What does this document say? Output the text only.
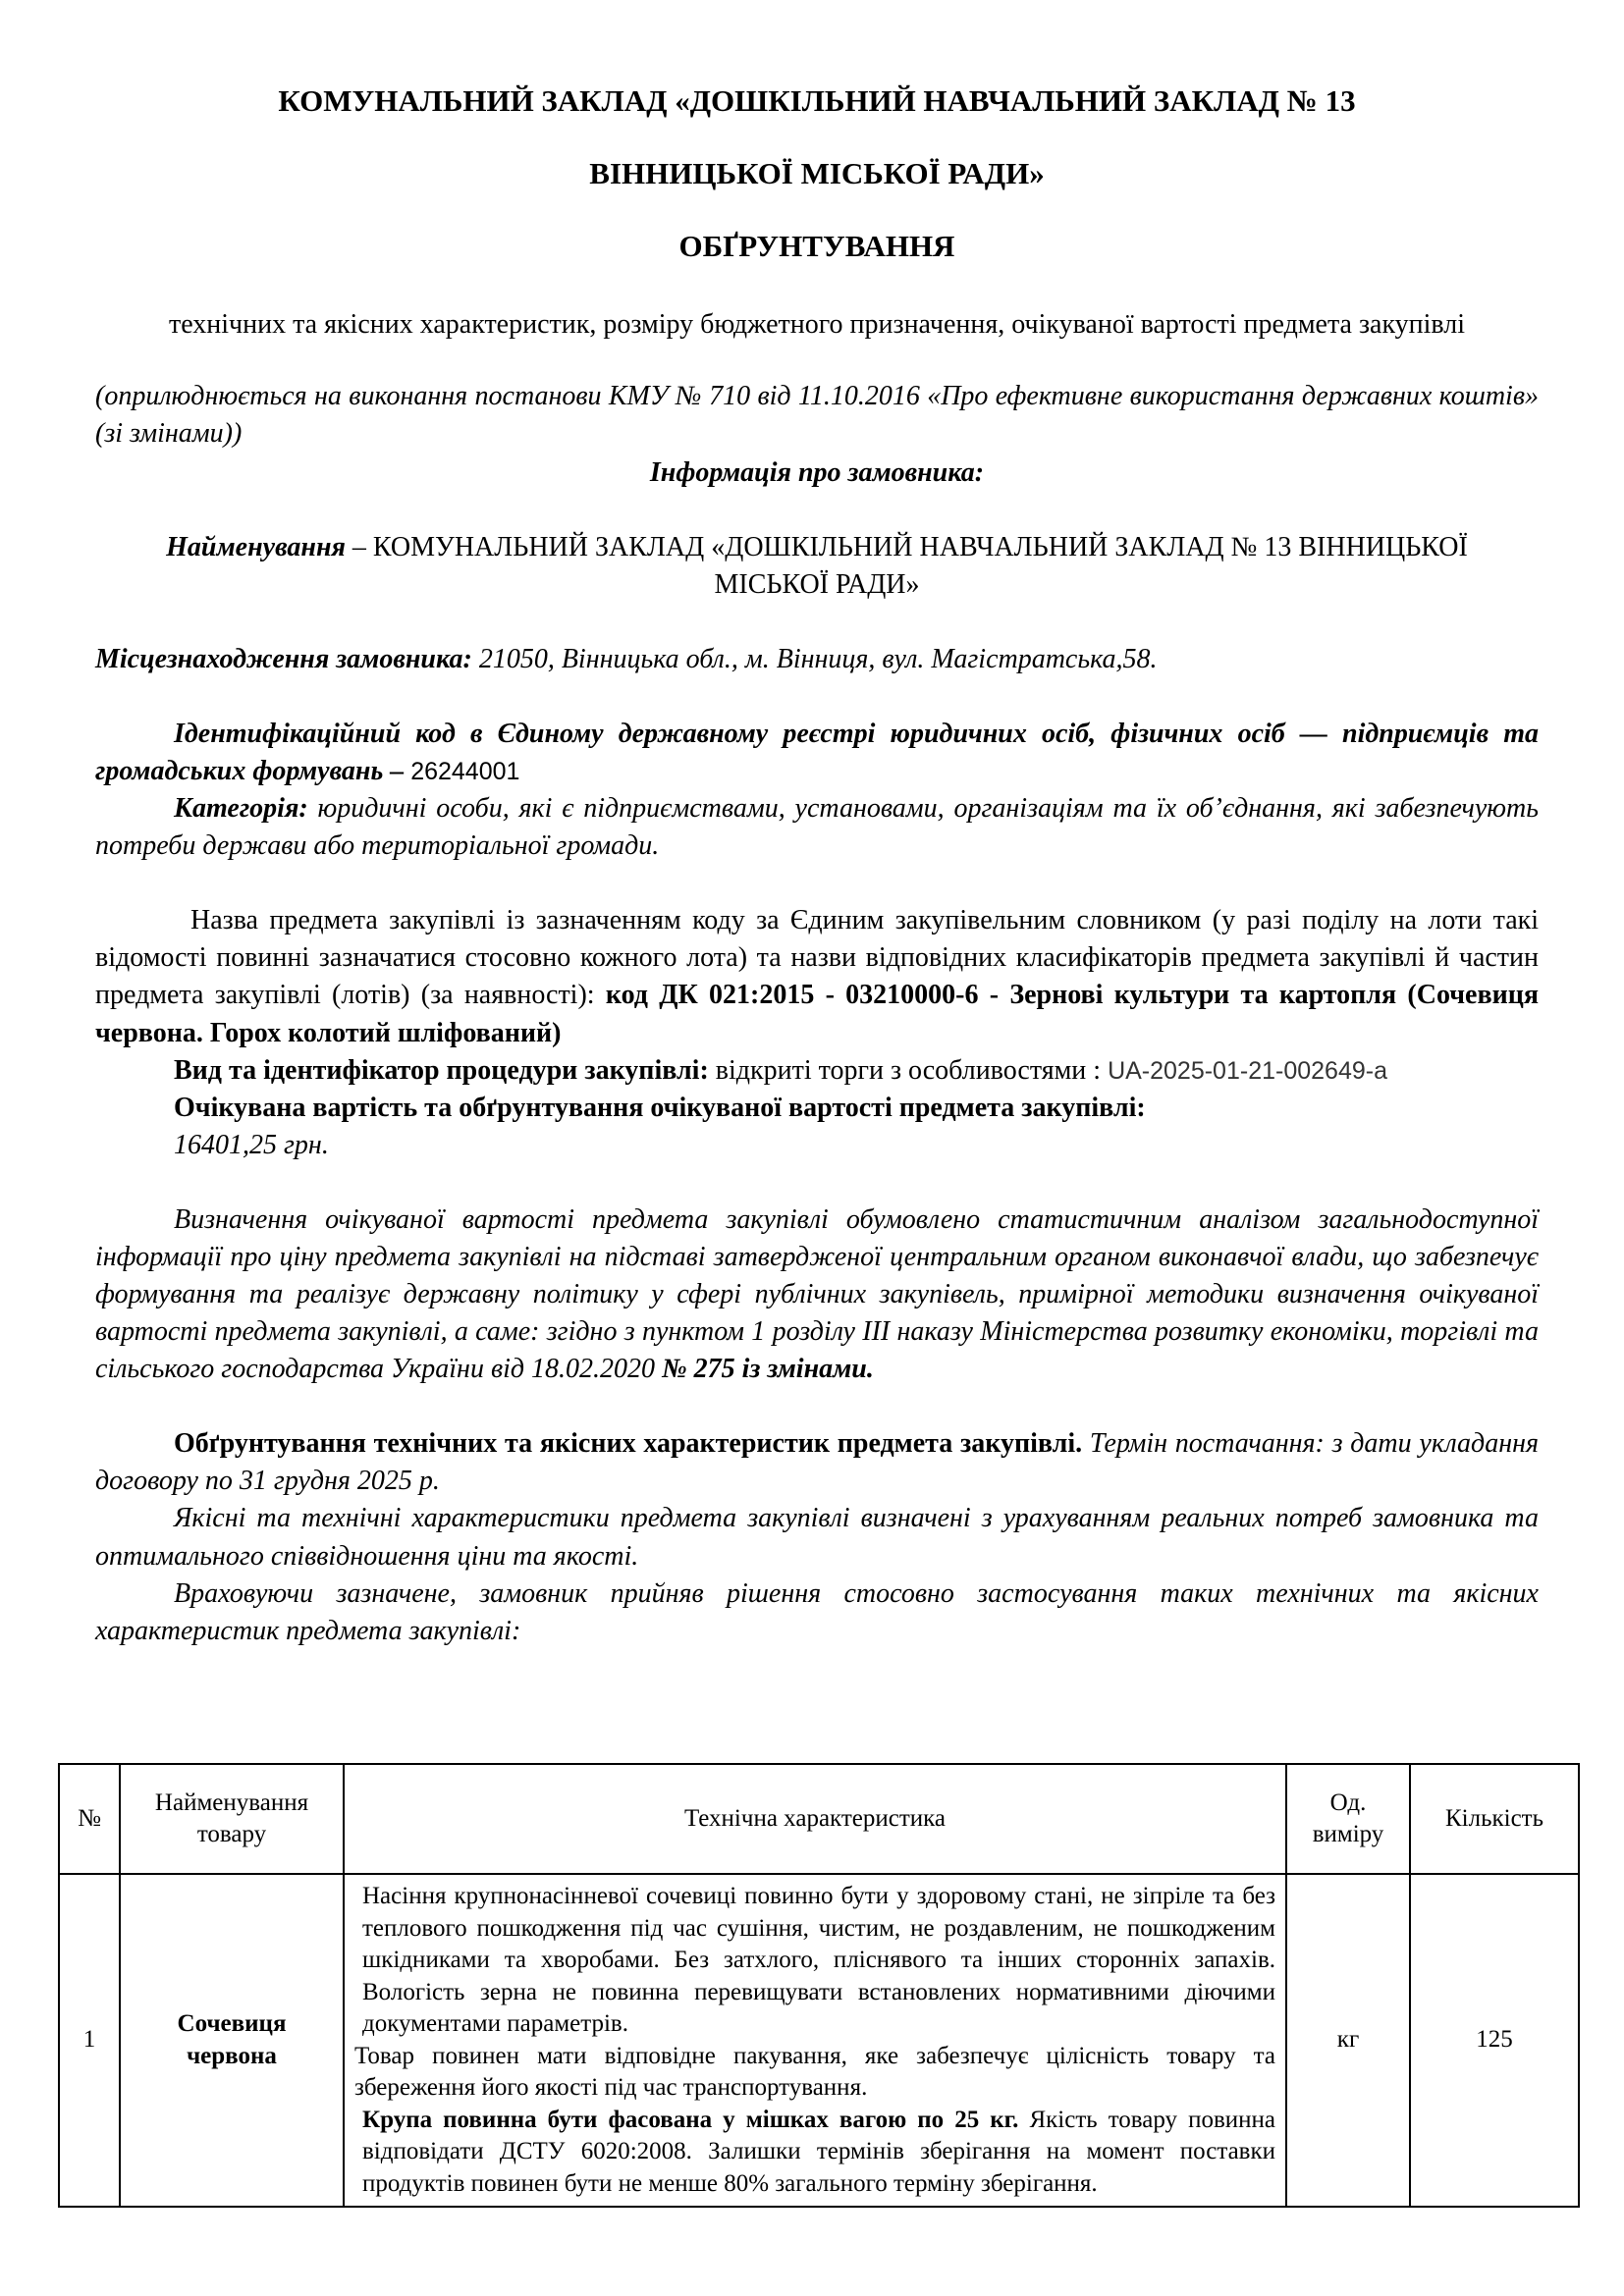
КОМУНАЛЬНИЙ ЗАКЛАД «ДОШКІЛЬНИЙ НАВЧАЛЬНИЙ ЗАКЛАД № 13

ВІННИЦЬКОЇ МІСЬКОЇ РАДИ»

ОБҐРУНТУВАННЯ

технічних та якісних характеристик, розміру бюджетного призначення, очікуваної вартості предмета закупівлі

(оприлюднюється на виконання постанови КМУ № 710 від 11.10.2016 «Про ефективне використання державних коштів» (зі змінами))

Інформація про замовника:

Найменування – КОМУНАЛЬНИЙ ЗАКЛАД «ДОШКІЛЬНИЙ НАВЧАЛЬНИЙ ЗАКЛАД № 13 ВІННИЦЬКОЇ МІСЬКОЇ РАДИ»

Місцезнаходження замовника: 21050, Вінницька обл., м. Вінниця, вул. Магістратська,58.

Ідентифікаційний код в Єдиному державному реєстрі юридичних осіб, фізичних осіб — підприємців та громадських формувань – 26244001

Категорія: юридичні особи, які є підприємствами, установами, організаціям та їх об’єднання, які забезпечують потреби держави або територіальної громади.

Назва предмета закупівлі із зазначенням коду за Єдиним закупівельним словником (у разі поділу на лоти такі відомості повинні зазначатися стосовно кожного лота) та назви відповідних класифікаторів предмета закупівлі й частин предмета закупівлі (лотів) (за наявності): код ДК 021:2015 - 03210000-6 - Зернові культури та картопля (Сочевиця червона. Горох колотий шліфований)

Вид та ідентифікатор процедури закупівлі: відкриті торги з особливостями : UA-2025-01-21-002649-a

Очікувана вартість та обґрунтування очікуваної вартості предмета закупівлі:

16401,25 грн.

Визначення очікуваної вартості предмета закупівлі обумовлено статистичним аналізом загальнодоступної інформації про ціну предмета закупівлі на підставі затвердженої центральним органом виконавчої влади, що забезпечує формування та реалізує державну політику у сфері публічних закупівель, примірної методики визначення очікуваної вартості предмета закупівлі, а саме: згідно з пунктом 1 розділу ІІІ наказу Міністерства розвитку економіки, торгівлі та сільського господарства України від 18.02.2020 № 275 із змінами.

Обґрунтування технічних та якісних характеристик предмета закупівлі. Термін постачання: з дати укладання договору по 31 грудня 2025 р.

Якісні та технічні характеристики предмета закупівлі визначені з урахуванням реальних потреб замовника та оптимального співвідношення ціни та якості.

Враховуючи зазначене, замовник прийняв рішення стосовно застосування таких технічних та якісних характеристик предмета закупівлі:

№	Найменування товару	Технічна характеристика	Од. виміру	Кількість
1	Сочевиця червона	Насіння крупнонасінневої сочевиці повинно бути у здоровому стані, не зіпріле та без теплового пошкодження під час сушіння, чистим, не роздавленим, не пошкодженим шкідниками та хворобами. Без затхлого, пліснявого та інших сторонніх запахів. Вологість зерна не повинна перевищувати встановлених нормативними діючими документами параметрів.

Товар повинен мати відповідне пакування, яке забезпечує цілісність товару та збереження його якості під час транспортування.

Крупа повинна бути фасована у мішках вагою по 25 кг. Якість товару повинна відповідати ДСТУ 6020:2008. Залишки термінів зберігання на момент поставки продуктів повинен бути не менше 80% загального терміну зберігання.	кг	125
